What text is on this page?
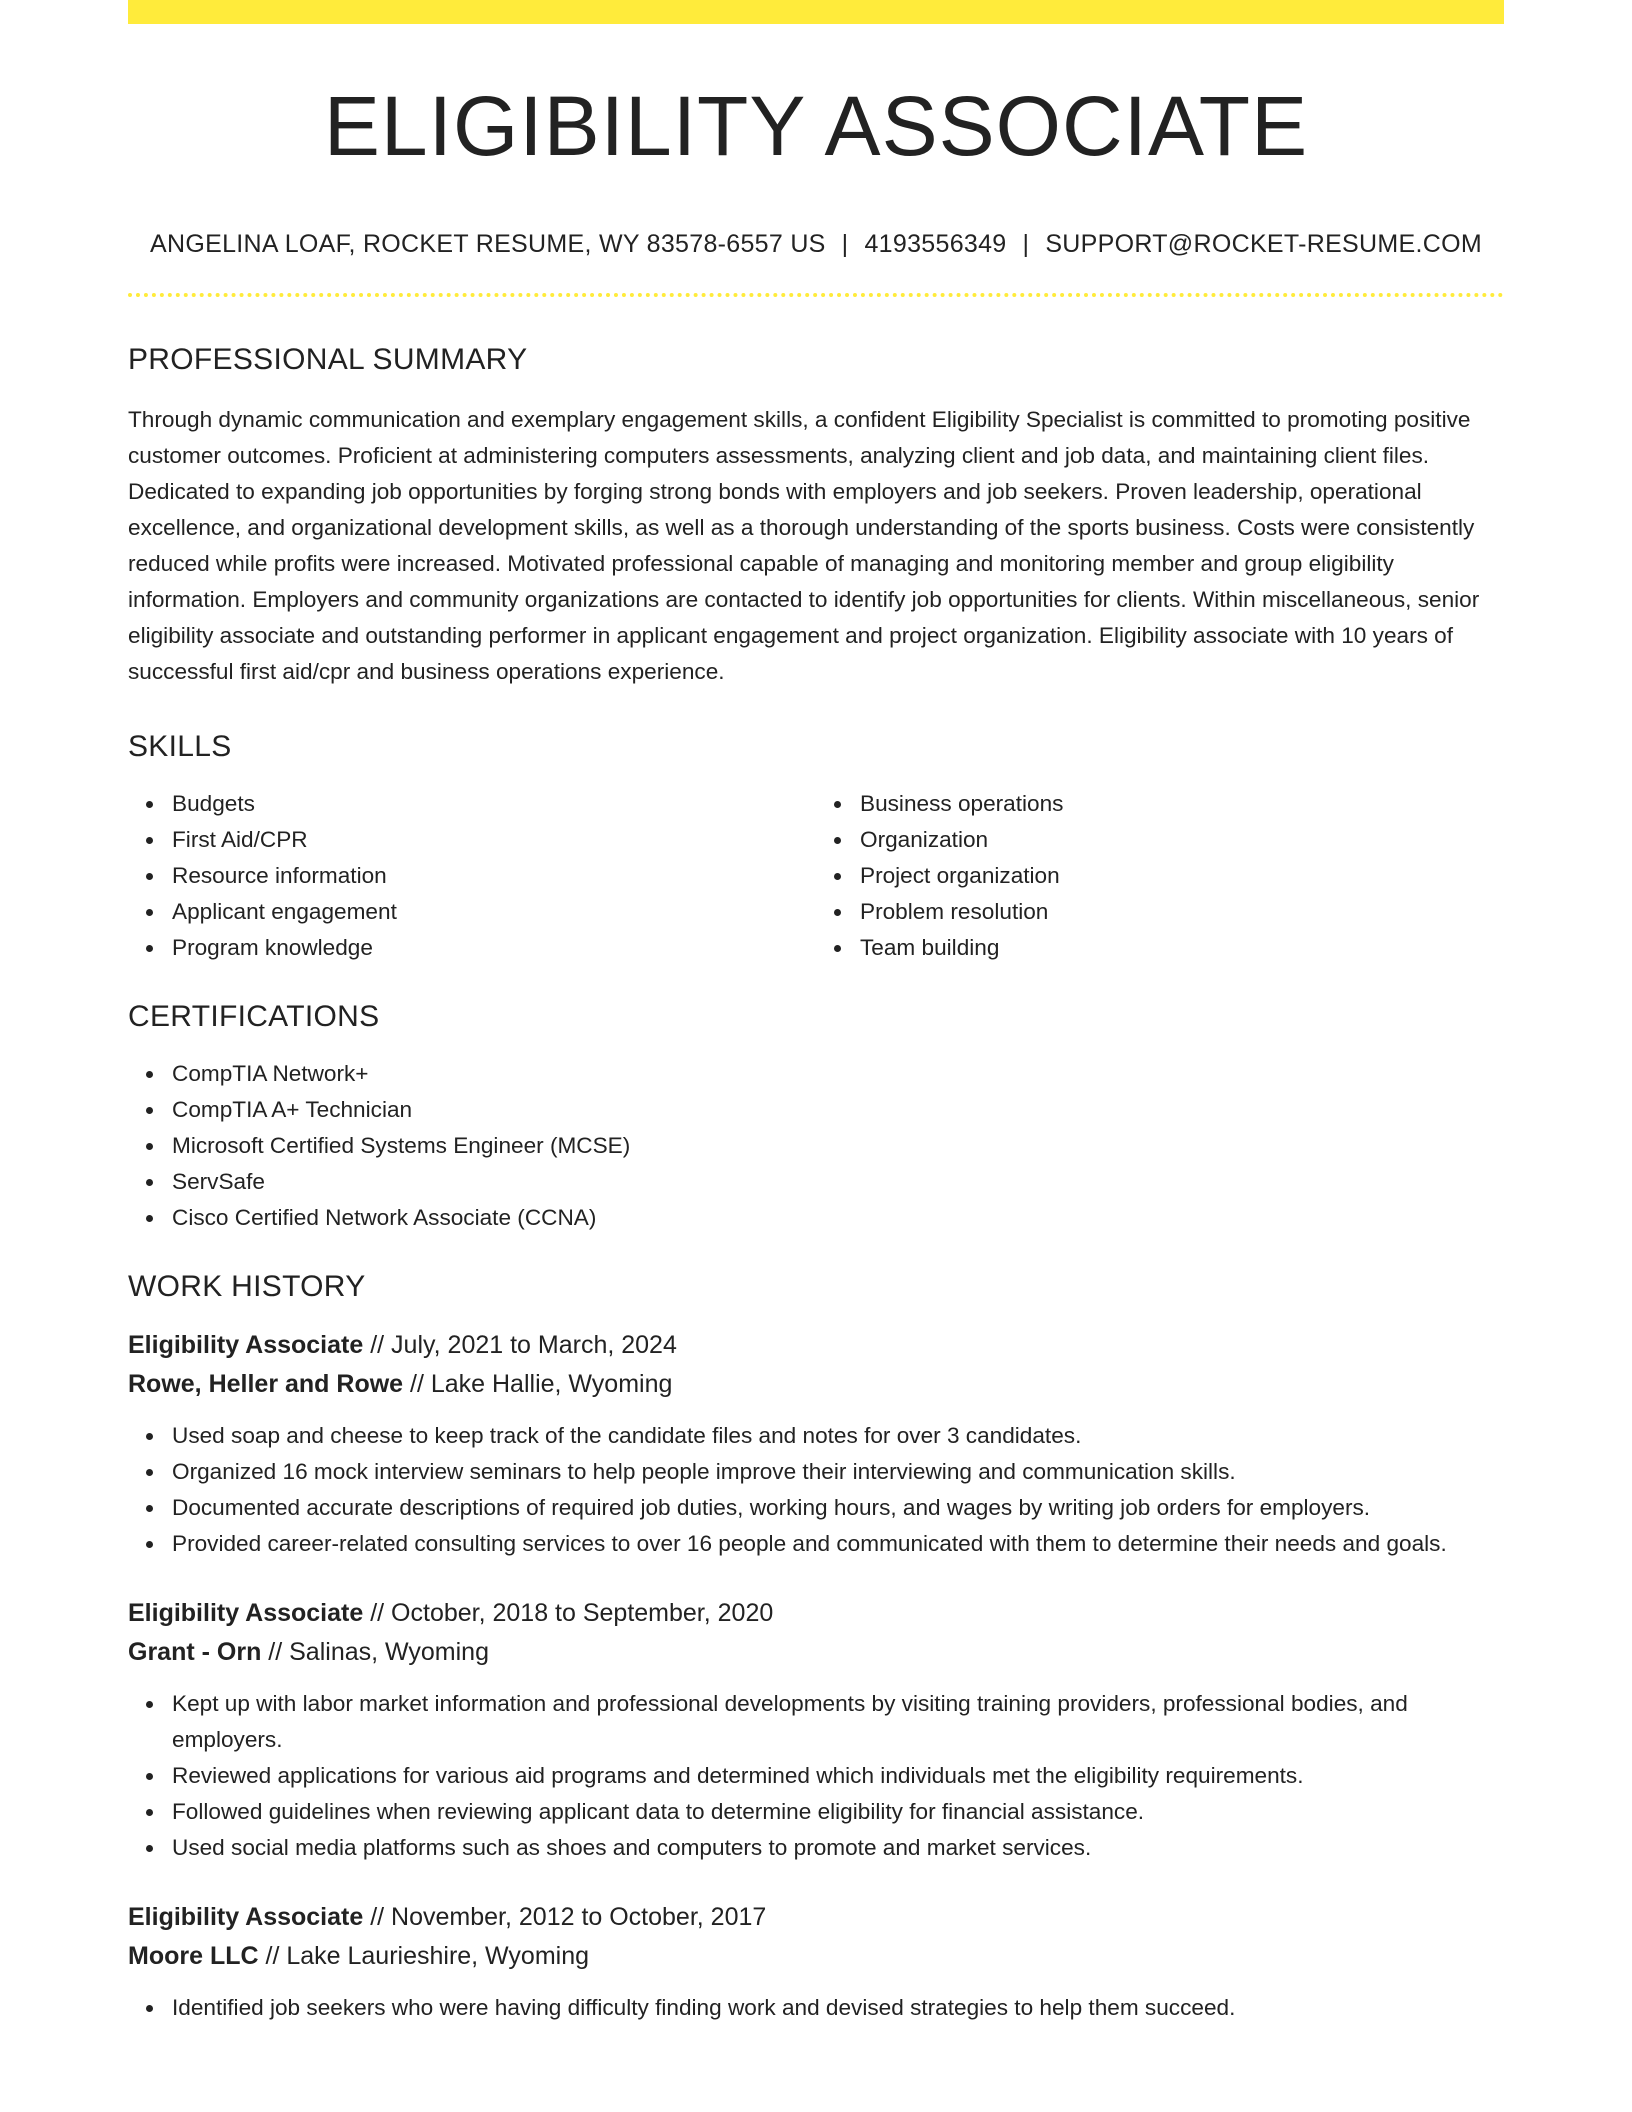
ELIGIBILITY ASSOCIATE
ANGELINA LOAF, ROCKET RESUME, WY 83578-6557 US | 4193556349 | SUPPORT@ROCKET-RESUME.COM
PROFESSIONAL SUMMARY
Through dynamic communication and exemplary engagement skills, a confident Eligibility Specialist is committed to promoting positive customer outcomes. Proficient at administering computers assessments, analyzing client and job data, and maintaining client files. Dedicated to expanding job opportunities by forging strong bonds with employers and job seekers. Proven leadership, operational excellence, and organizational development skills, as well as a thorough understanding of the sports business. Costs were consistently reduced while profits were increased. Motivated professional capable of managing and monitoring member and group eligibility information. Employers and community organizations are contacted to identify job opportunities for clients. Within miscellaneous, senior eligibility associate and outstanding performer in applicant engagement and project organization. Eligibility associate with 10 years of successful first aid/cpr and business operations experience.
SKILLS
Budgets
First Aid/CPR
Resource information
Applicant engagement
Program knowledge
Business operations
Organization
Project organization
Problem resolution
Team building
CERTIFICATIONS
CompTIA Network+
CompTIA A+ Technician
Microsoft Certified Systems Engineer (MCSE)
ServSafe
Cisco Certified Network Associate (CCNA)
WORK HISTORY
Eligibility Associate // July, 2021 to March, 2024
Rowe, Heller and Rowe // Lake Hallie, Wyoming
Used soap and cheese to keep track of the candidate files and notes for over 3 candidates.
Organized 16 mock interview seminars to help people improve their interviewing and communication skills.
Documented accurate descriptions of required job duties, working hours, and wages by writing job orders for employers.
Provided career-related consulting services to over 16 people and communicated with them to determine their needs and goals.
Eligibility Associate // October, 2018 to September, 2020
Grant - Orn // Salinas, Wyoming
Kept up with labor market information and professional developments by visiting training providers, professional bodies, and employers.
Reviewed applications for various aid programs and determined which individuals met the eligibility requirements.
Followed guidelines when reviewing applicant data to determine eligibility for financial assistance.
Used social media platforms such as shoes and computers to promote and market services.
Eligibility Associate // November, 2012 to October, 2017
Moore LLC // Lake Laurieshire, Wyoming
Identified job seekers who were having difficulty finding work and devised strategies to help them succeed.
